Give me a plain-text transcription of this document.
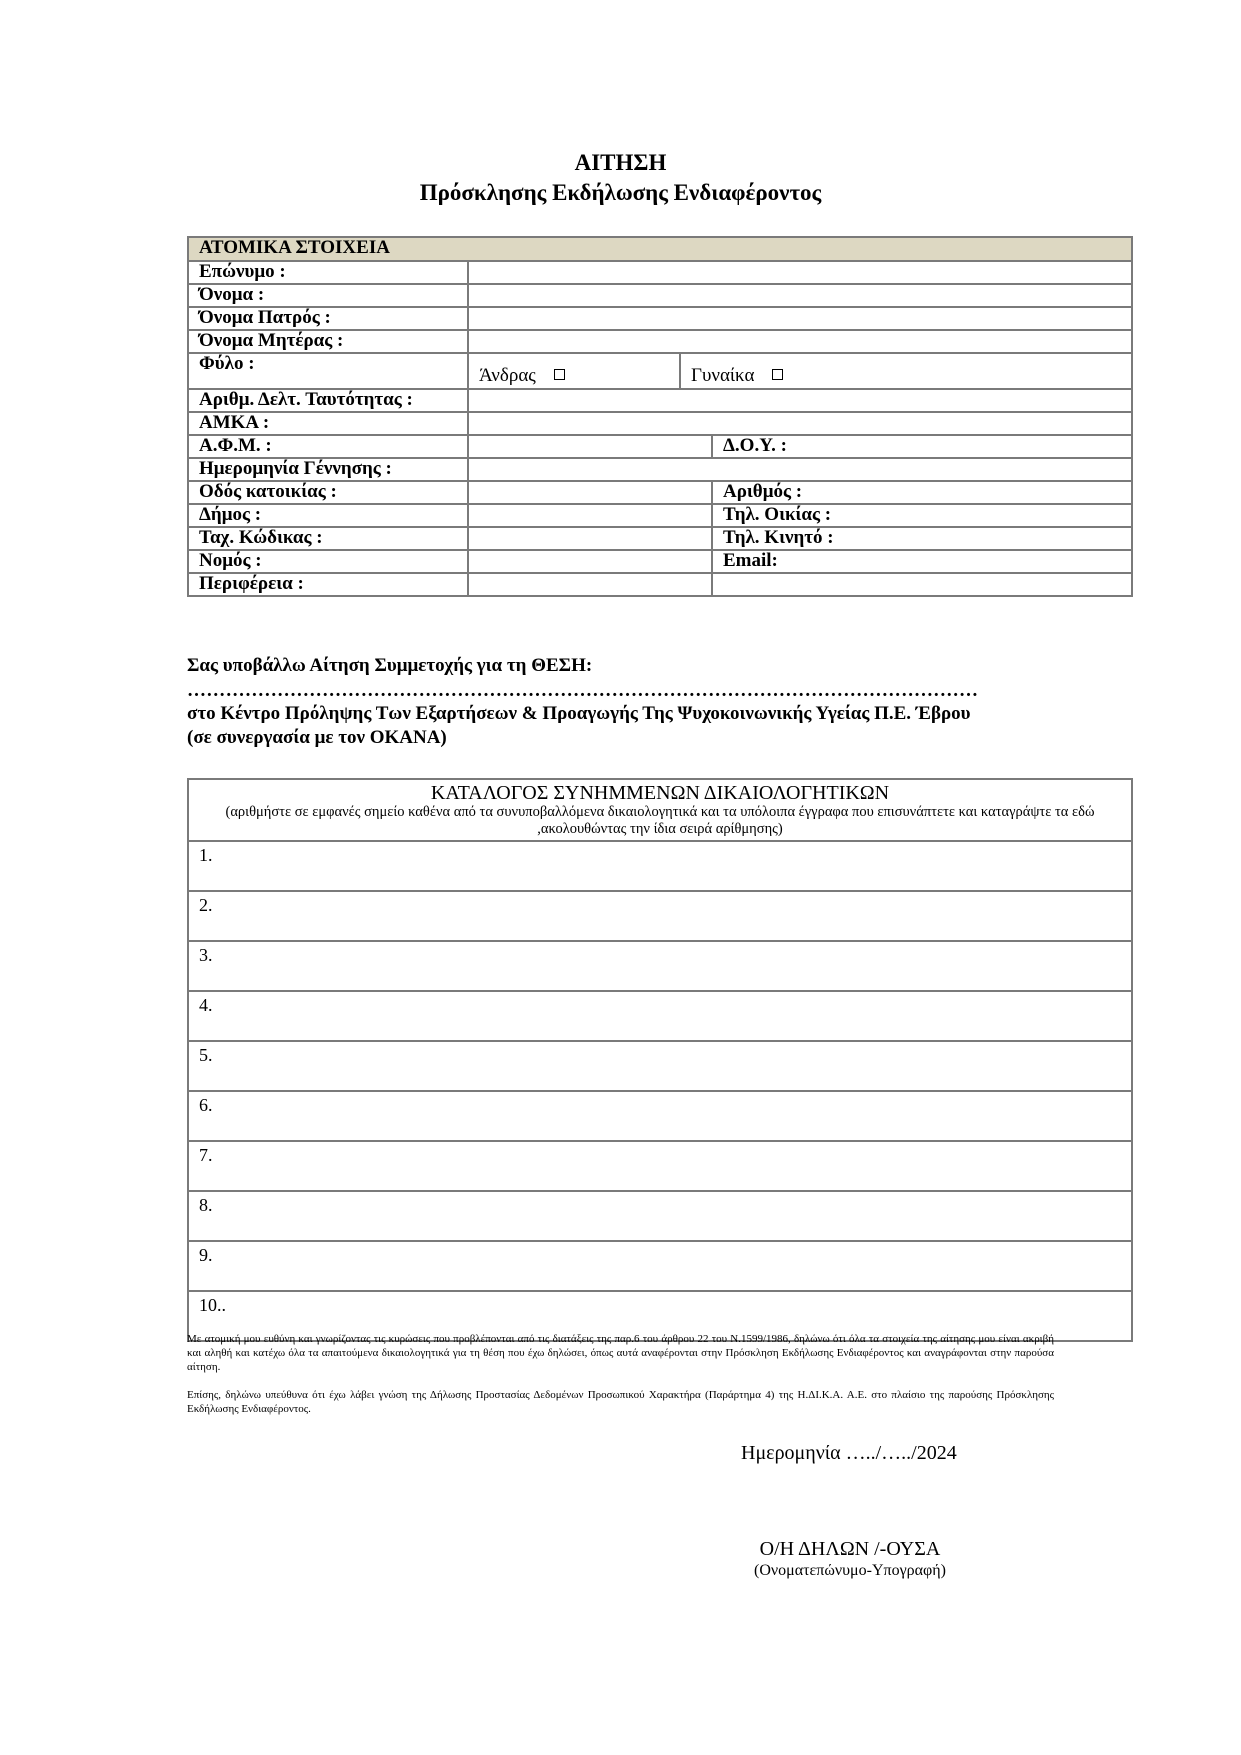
ΑΙΤΗΣΗ
Πρόσκλησης Εκδήλωσης Ενδιαφέροντος
ΑΤΟΜΙΚΑ ΣΤΟΙΧΕΙΑ			
Επώνυμο :			
Όνομα :			
Όνομα Πατρός :			
Όνομα Μητέρας :			
Φύλο :	Άνδρας	Γυναίκα	
Αριθμ. Δελτ. Ταυτότητας :			
ΑΜΚΑ :			
Α.Φ.Μ. :			Δ.Ο.Υ. :
Ημερομηνία Γέννησης :			
Οδός κατοικίας :			Αριθμός :
Δήμος :			Τηλ. Οικίας :
Ταχ. Κώδικας :			Τηλ. Κινητό :
Νομός :			Email:
Περιφέρεια :			
Σας υποβάλλω Αίτηση Συμμετοχής για τη ΘΕΣΗ:
……………………………………………………………………………………………………………
στο Κέντρο Πρόληψης Των Εξαρτήσεων & Προαγωγής Της Ψυχοκοινωνικής Υγείας Π.Ε. Έβρου
(σε συνεργασία με τον ΟΚΑΝΑ)
ΚΑΤΑΛΟΓΟΣ ΣΥΝΗΜΜΕΝΩΝ ΔΙΚΑΙΟΛΟΓΗΤΙΚΩΝ
(αριθμήστε σε εμφανές σημείο καθένα από τα συνυποβαλλόμενα δικαιολογητικά και τα υπόλοιπα έγγραφα που επισυνάπτετε και καταγράψτε τα εδώ ,ακολουθώντας την ίδια σειρά αρίθμησης)

1.
2.
3.
4.
5.
6.
7.
8.
9.
10..
Με ατομική μου ευθύνη και γνωρίζοντας τις κυρώσεις που προβλέπονται από τις διατάξεις της παρ.6 του άρθρου 22 του Ν.1599/1986, δηλώνω ότι όλα τα στοιχεία της αίτησης μου είναι ακριβή και αληθή και κατέχω όλα τα απαιτούμενα δικαιολογητικά για τη θέση που έχω δηλώσει, όπως αυτά αναφέρονται στην Πρόσκληση Εκδήλωσης Ενδιαφέροντος και αναγράφονται στην παρούσα αίτηση.
Επίσης, δηλώνω υπεύθυνα ότι έχω λάβει γνώση της Δήλωσης Προστασίας Δεδομένων Προσωπικού Χαρακτήρα (Παράρτημα 4) της Η.ΔΙ.Κ.Α. Α.Ε. στο πλαίσιο της παρούσης Πρόσκλησης Εκδήλωσης Ενδιαφέροντος.
Ημερομηνία …../…../2024
Ο/Η ΔΗΛΩΝ /-ΟΥΣΑ
(Ονοματεπώνυμο-Υπογραφή)
